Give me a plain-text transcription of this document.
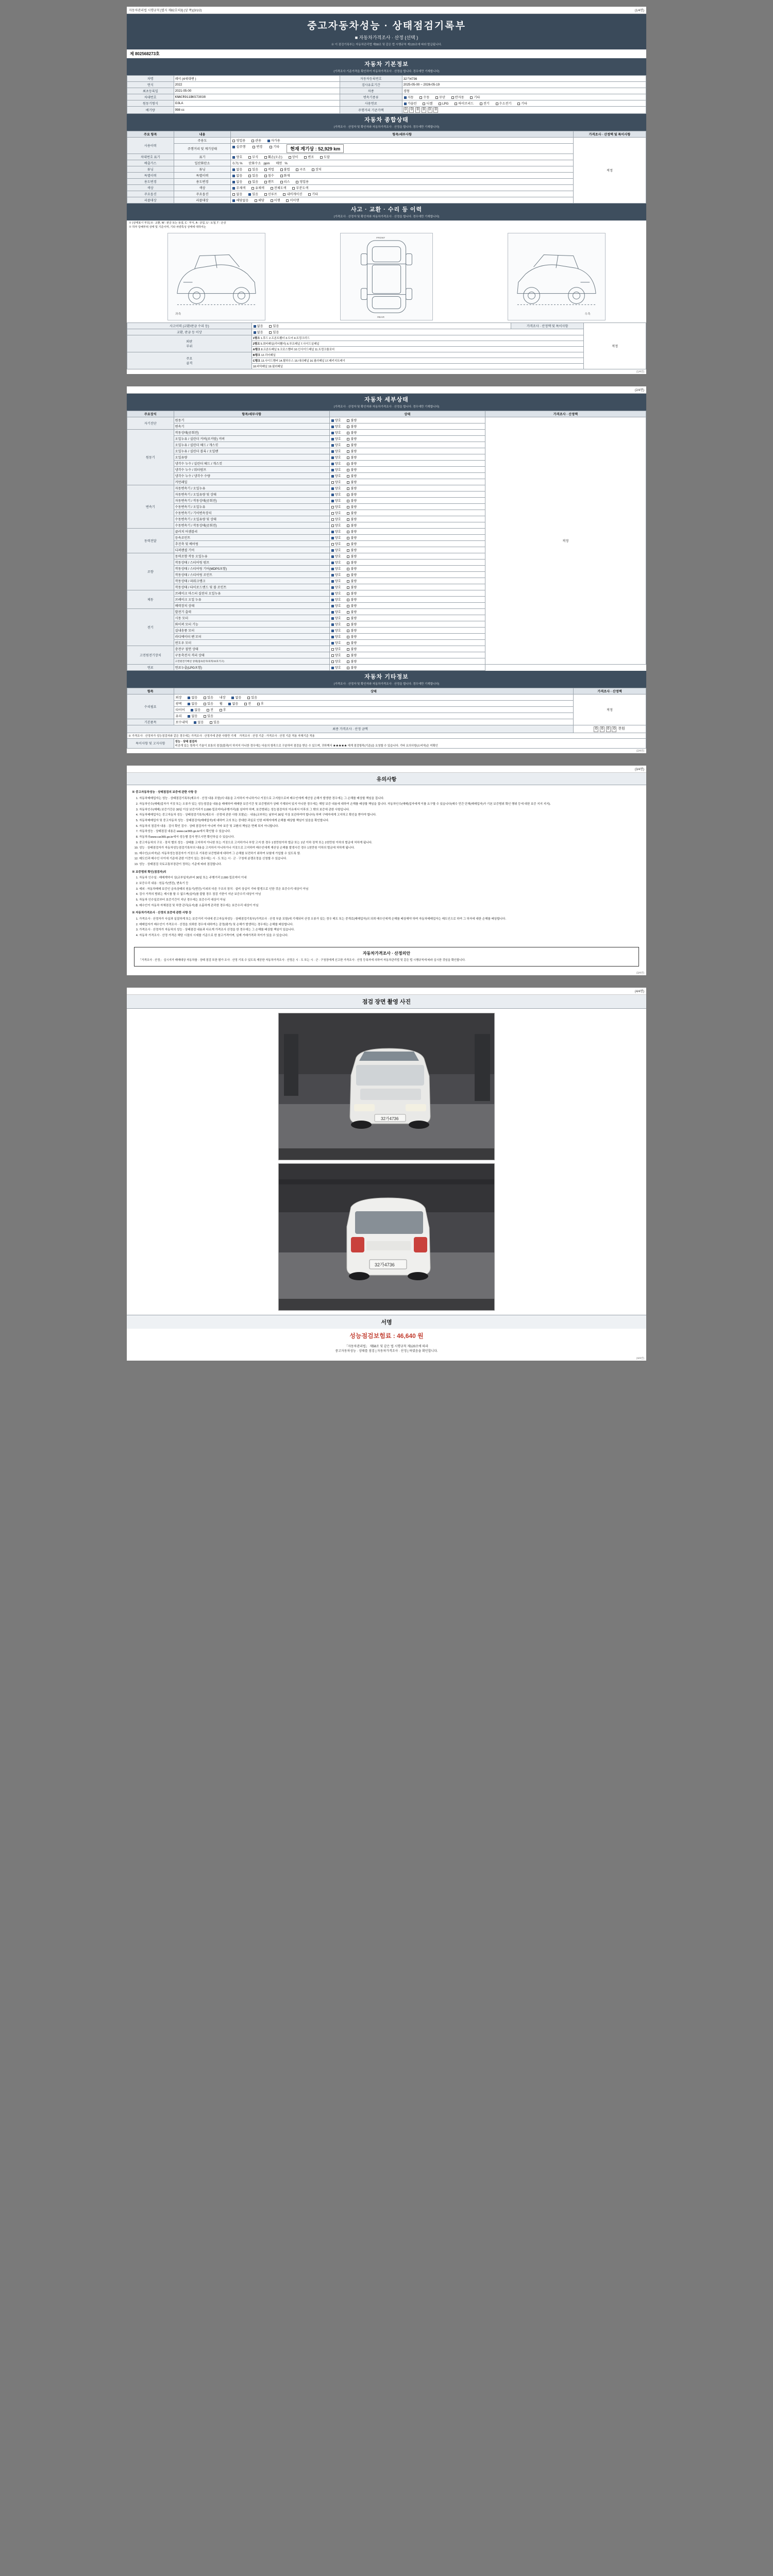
자동차관리법 시행규칙 [별지 제82호의3] (앞 쪽)(3/1/2)	(1/4면)
중고자동차성능 · 상태점검기록부
■ 자동차가격조사 · 산정 (선택 )
※ 이 점검기록부는 자동차관리법 제58조 및 같은 법 시행규칙 제120조에 따라 발급됩니다.
제 802568273호
자동차 기본정보
(가격조사 기준가격을 확인하여 자동차가격조사 · 산정을 합니다. 경우에만 기재합니다)
차명	레이 (4세대밴 )	자동차등록번호	32가4736
연식	2022	검사유효기간	2025-05-00 ~ 2026-05-19
최초등록일	2021-05-00	차종	경형
차대번호	KNACR911BKS73038	변속기종류	자동 수동 무단 반자동 기타
원동기형식	G3LA	사용연료	가솔린 디젤 LPG 하이브리드 전기 수소전기 기타
배기량	998 cc	주행거리 기준가액	0 0 0 0 0 0
자동차 종합상태
(가격조사 · 산정자 및 확인자와 자동차가격조사 · 산정을 합니다. 경우에만 기재합니다)
주요 항목	내용	항목/세부사항	가격조사 · 산정액 및 특이사항
사용이력	주용도	영업용 관용 자가용	적정
	주행거리 및 계기상태	실주행 변경 기타 현재 계기상 : 52,929 km	

차대번호 표기	표기	양호 부식 훼손(오손) 상이 변조 도말	
배출가스	일산화탄소	0.71 % 탄화수소   ppm 매연   %	
튜닝	튜닝	없음 있음 적법 불법 구조 장치	
특별이력	특별이력	없음 있음 침수 화재	
용도변경	용도변경	없음 있음 렌트 리스 영업용	
색상	색상	무채색 유채색 전체도색 부분도색	
주요옵션	주요옵션	없음 있음 선루프 내비게이션 기타	
리콜대상	리콜대상	해당없음 해당 이행 미이행	
사고 · 교환 · 수리 등 이력
(가격조사 · 산정자 및 확인자와 자동차가격조사 · 산정을 합니다. 경우에만 기재합니다)
※ (상태표시 부호) X : 교환, W : 판금 또는 용접, C : 부식, A : 긁힘, U : 요철, T : 손상
※ 하부 당해부위 상태 및 기준이며, 기타 차량특성 상태에 대하여는
좌측
FRONT
REAR
우측
사고이력 (교환/판금 수리 등)	없음 있음	가격조사 · 산정액 및 특이사항	적정
교환, 판금 등 이상	없음 있음		
외판
부위	1랭크 1.후드 2.프론트휀더 3.도어 4.트렁크리드		
	2랭크 5.쿼터패널(리어휀더) 6.루프패널 7.사이드실패널		
	A랭크 8.프론트패널 9.크로스멤버 10.인사이드패널 11.트렁크플로어		
주요
골격	B랭크 12.리어패널		
	C랭크 13.사이드멤버 14.휠하우스 15.대쉬패널 16.필러패널 17.패키지트레이		
	18.바닥패널 19.필러패널		
(1/4면)
(2/4면)
자동차 세부상태
(가격조사 · 산정자 및 확인자와 자동차가격조사 · 산정을 합니다. 경우에만 기재합니다)
주요장치	항목/세부사항	상태	가격조사 · 산정액
자기진단	원동기	양호 불량	적정
	변속기	양호 불량	
원동기	작동상태(공회전)	양호 불량	
	오일누유 / 실린더 커버(로커암) 커버	양호 불량	
	오일누유 / 실린더 헤드 / 개스킷	양호 불량	
	오일누유 / 실린더 블록 / 오일팬	양호 불량	
	오일유량	양호 불량	
	냉각수 누수 / 실린더 헤드 / 개스킷	양호 불량	
	냉각수 누수 / 워터펌프	양호 불량	
	냉각수 누수 / 냉각수 수량	양호 불량	
	커먼레일	양호 불량	
변속기	자동변속기 / 오일누유	양호 불량	
	자동변속기 / 오일유량 및 상태	양호 불량	
	자동변속기 / 작동상태(공회전)	양호 불량	
	수동변속기 / 오일누유	양호 불량	
	수동변속기 / 기어변속장치	양호 불량	
	수동변속기 / 오일유량 및 상태	양호 불량	
	수동변속기 / 작동상태(공회전)	양호 불량	
동력전달	클러치 어셈블리	양호 불량	
	등속조인트	양호 불량	
	추진축 및 베어링	양호 불량	
	디퍼렌셜 기어	양호 불량	
조향	동력조향 작동 오일누유	양호 불량	
	작동상태 / 스티어링 펌프	양호 불량	
	작동상태 / 스티어링 기어(MDPS포함)	양호 불량	
	작동상태 / 스티어링 조인트	양호 불량	
	작동상태 / 파워크랭크	양호 불량	
	작동상태 / 타이로드엔드 및 볼 조인트	양호 불량	
제동	브레이크 마스터 실린더 오일누유	양호 불량	
	브레이크 오일 누유	양호 불량	
	배력장치 상태	양호 불량	
전기	발전기 출력	양호 불량	
	시동 모터	양호 불량	
	와이퍼 모터 기능	양호 불량	
	실내송풍 모터	양호 불량	
	라디에이터 팬 모터	양호 불량	
	윈도우 모터	양호 불량	
고전원전기장치	충전구 절연 상태	양호 불량	
	구동축전지 격리 상태	양호 불량	
	고전원전기배선 상태(접속단자/피복/보호기구)	양호 불량	
연료	연료누출(LPG포함)	양호 불량	
자동차 기타정보
(가격조사 · 산정자 및 확인자와 자동차가격조사 · 산정을 합니다. 경우에만 기재합니다)
항목	상태	가격조사 · 산정액
수리필요	외장 없음 있음 내장 없음 있음	적정
	광택 없음 있음 휠 없음 전 후	
	타이어 없음 전 후	
	유리 없음 있음	
기본품목	보수내역 없음 있음	
최종 가격조사 · 산정 금액		0 0 0 0 천원
※ 가격조사 · 산정자가 성능점검자와 같은 경우에는 가격조사 · 산정가에 관한 사항만 기재 가격조사 · 산정 기준 : 가격조사 · 산정 기준 적용 자체기준 적용		
특이사항 및 고지사항	성능 · 상태 점검자
비공개 있는 항목이 기술이 보통의 점검(불과)이 하지지 아니한 경우에는 다음의 항목으로 구분하여 점검을 받은 수 있으며, 귀하께서 ★★★★★ 에게 점검항목(기준)을 요청할 수 있습니다. 기타 요의사항(소비자)은 미확인	
(2/4면)
(3/4면)
유의사항
※ 중고자동차성능 · 상태점검의 보증에 관한 사항 등
1. 자동차매매업자는 성능 · 상태점검기록부(제조사 · 산정 내용 포함)의 내용을 고지하지 아니하거나 거짓으로 고지함으로써 매수인에게 재산상 손해가 발생한 경우에는 그 손해를 배상할 책임을 집니다.
2. 자동차인수(매매)업자가 거짓 또는 오류가 있는 성능점검을 내용을 매매하여 매매한 보증기간 및 보증범위가 상태 기재되어 있지 아니한 경우에는 해당 보증 내용에 대하여 손해를 배상할 책임을 집니다. 자동차인수(매매)업자에게 이를 요구할 수 있습니다(매수 민간 단체(매매업자)가 기본 보증범위 확인 행위 등에 대한 보증 지지 지지).
3. 자동차인수(매매) 보증기간은 30일 이상 보증거리가 2,000 킬로미터(주행거리)를 넘어야 하며, 보증범위는 성능점검자의 이유에서 이후의 그 밖의 보증에 관한 사항입니다.
4. 자동차매매업자는 중고자동차 성능 · 상태점검기록부(제조사 · 산정에 관한 사항 포함)는 · 내용(교부하는 날부터 30일 이상 보관하여야 합니다) 하며 구매자에게 고지하고 확인을 받아야 합니다.
5. 자동차매매업자 및 중고자동차 성능 · 상태점검자(매매업자)에 대하여 고의 또는 중대한 과실로 인한 피해자에게 손해를 배상할 책임이 있음을 확인합니다.
6. 자동차의 점검자 내용 · 검사 확인 검사 · 상태 점검자가 아니며 기타 보증 및 교환의 책임은 면제 되지 아니합니다.
7. 자동차성능 · 상태점검 내용은 www.car365.go.kr에서 확인할 수 있습니다.
8. 자동차의www.car365.go.kr에서 성능별 검사 받으시면 확인하실 수 있습니다.
9. 중고자동차의 구조 · 장치 별의 성능 · 상태를 고지하지 아니한 또는 거짓으로 고지하거나 부당 고지 한 경우 1천만원이하 벌금 또는 1년 이하 징역 또는 2천만원 이하의 벌금에 처하게 됩니다.
10. 성능 · 상태점검자가 자동차성능점검기록부의 내용을 고지하지 아니하거나 거짓으로 고지하여 매수인에게 재산상 손해를 발생시킨 경우 1천만원 이하의 벌금에 처하게 됩니다.
11. 매수인(소비자)은 자동차성능점검자가 거짓으로 기록한 보증범위에 대하여 그 손해를 보전하기 위하여 보험에 가입할 수 있도록 함.
12. 매도인과 매수인 사이에 기준에 관한 이견이 있는 경우에는 시 · 도 또는 시 · 군 · 구청에 분쟁조정을 신청할 수 있습니다.
13. 성능 · 상태점검 국토교통부장관이 정하는 기준에 따라 점검합니다.
※ 보증범위 확인(점검자)의
1. 자동차 인수일 : 매매계약서 상(교부일자)부터 30일 또는 주행거리 2,000 킬로미터 이내
2. 보증수리 내용 : 원동기(엔진), 변속기 등
3. 예외 : 자동차매매 보증인 금속상태의 원동기(엔진) 이외의 다른 구조의 장치 · 설비 상실이 기타 발생으로 인한 것은 보증수리 대상이 아님
4. 검사 가격의 범위는 제시를 할 수 없으며(실비)를 불할 경우 점검 기한이 지난 보증수리 대상이 아님
5. 자동차 인수일로부터 보증기간이 지난 경우에는 보증수리 대상이 아님
6. 매수인이 자동차 자체점검 및 차량 관리(유지)를 소홀하게 관리한 경우에는 보증수리 대상이 아님
※ 자동차가격조사 · 산정의 보증에 관한 사항 등
1. 가격조사 · 산정자가 사실과 실질하게 또는 보증거리 이내에 중고자동차성능 · 상태점검기록부(가격조사 · 산정 부분 포함)에 기재되어 산정 오류가 있는 경우 매도 또는 중개로(매매업자)의 의뢰 매수인에게 손해를 배상해야 하며 자동차매매업자는 매도인으로 하여 그 하자에 대한 손해를 배상합니다.
2. 매매업자가 매수인이 가격조사 · 산정을 의뢰한 경우에 대하여는 감정(평가) 및 손해가 발생하는 경우에는 손해를 배상합니다.
3. 가격조사 · 산정자가 자동차의 성능 · 상태점검 내용과 다르게 가격조사 산정을 한 경우에는 그 손해를 배상할 책임이 있습니다.
4. 자동차 가격조사 · 산정 가격은 해당 시점의 시세를 기준으로 한 참고가격이며, 실제 거래가격과 차이가 있을 수 있습니다.
자동차가격조사 · 산정의안
「가격조사 · 산정」 실시지가 매매대상 자동차를 · 상태 점검 또한 평가 조사 · 산정 기록 수 있도록 제공한 자동차가격조사 · 산정은 시 · 도 또는 시 · 군 · 구청장에게 신고한 가격조사 · 산정 등록자에 의하여 자동차관리법 및 같은 법 시행규칙에 따라 실시한 것임을 확인합니다.
(3/4면)
(4/4면)
점검 장면 촬영 사진
32가4736
32가4736
서명
성능점검보험료 : 46,640 원
「자동차관리법」 제58조 및 같은 법 시행규칙 제120조에 따라
중고자동차성능 · 상태를 점검 | 자동차가격조사 · 산정 | 하였음을 확인합니다.
(4/4면)
